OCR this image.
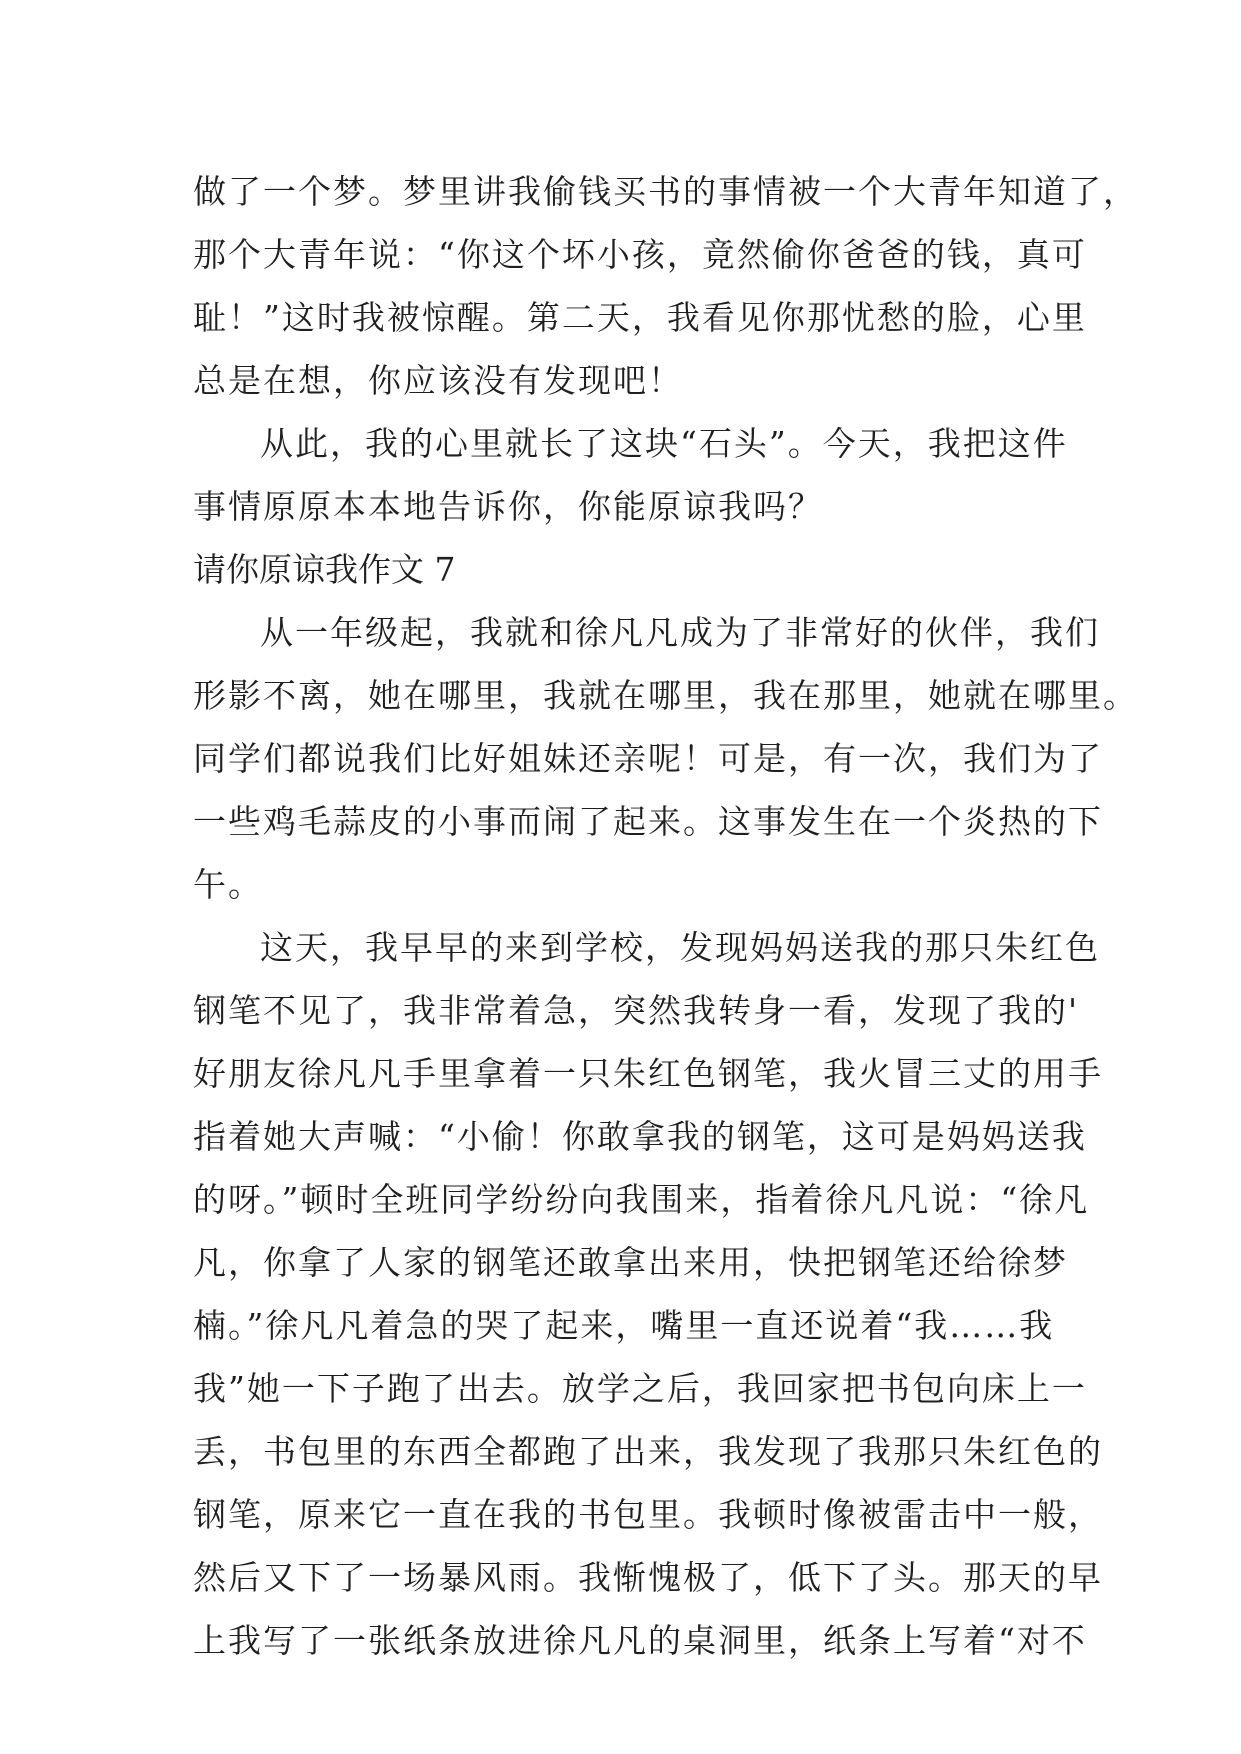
做了一个梦。梦里讲我偷钱买书的事情被一个大青年知道了，
那个大青年说：“你这个坏小孩，竟然偷你爸爸的钱，真可
耻！”这时我被惊醒。第二天，我看见你那忧愁的脸，心里
总是在想，你应该没有发现吧！
从此，我的心里就长了这块“石头”。今天，我把这件
事情原原本本地告诉你，你能原谅我吗？
请你原谅我作文 7
从一年级起，我就和徐凡凡成为了非常好的伙伴，我们
形影不离，她在哪里，我就在哪里，我在那里，她就在哪里。
同学们都说我们比好姐妹还亲呢！可是，有一次，我们为了
一些鸡毛蒜皮的小事而闹了起来。这事发生在一个炎热的下
午。
这天，我早早的来到学校，发现妈妈送我的那只朱红色
钢笔不见了，我非常着急，突然我转身一看，发现了我的'
好朋友徐凡凡手里拿着一只朱红色钢笔，我火冒三丈的用手
指着她大声喊：“小偷！你敢拿我的钢笔，这可是妈妈送我
的呀。”顿时全班同学纷纷向我围来，指着徐凡凡说：“徐凡
凡，你拿了人家的钢笔还敢拿出来用，快把钢笔还给徐梦
楠。”徐凡凡着急的哭了起来，嘴里一直还说着“我……我
我”她一下子跑了出去。放学之后，我回家把书包向床上一
丢，书包里的东西全都跑了出来，我发现了我那只朱红色的
钢笔，原来它一直在我的书包里。我顿时像被雷击中一般，
然后又下了一场暴风雨。我惭愧极了，低下了头。那天的早
上我写了一张纸条放进徐凡凡的桌洞里，纸条上写着“对不
